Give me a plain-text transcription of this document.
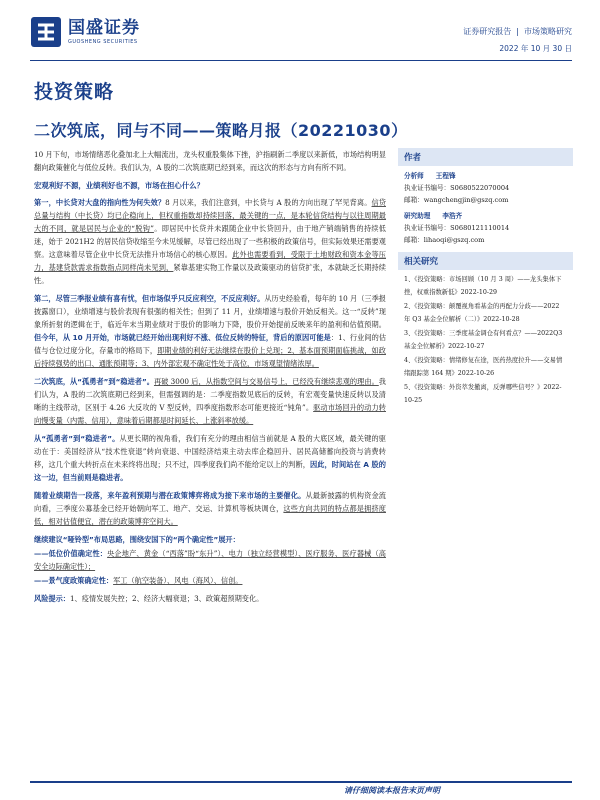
国盛证券
GUOSHENG SECURITIES
证券研究报告 | 市场策略研究
2022 年 10 月 30 日
投资策略
二次筑底，同与不同——策略月报（20221030）

10 月下旬，市场情绪恶化叠加北上大幅流出，龙头权重股集体下挫，沪指刷新二季度以来新低，市场结构明显翻向政策催化与低位反转。我们认为，A 股的二次筑底期已经到来，而这次的形态与方向有所不同。

宏观利好不源，业绩利好也不源，市场在担心什么？

第一，中长贷对大盘的指向性为何失效？8 月以来，我们注意到，中长贷与 A 股的方向出现了罕见背离。信贷总量与结构（中长贷）均已企稳向上，但权重指数却持续回落，最关键的一点，是本轮信贷结构与以往周期最大的不同，就是居民与企业的“脱钩”。即居民中长贷并未跟随企业中长贷回升，由于地产销端销售的持续低迷，始于 2021H2 的居民信贷收缩至今未见缓解，尽管已经出现了一些积极的政策信号，但实际效果还需要观察。这意味着尽管企业中长贷无法推升市场信心的核心原因。此外也需要看到，受限于土地财政和资本金等压力，基建贷款需求指数指点同样尚未见到，紧靠基建实物工作量以及政策驱动的信贷扩张，本就缺乏长期持续性。

第二，尽管三季报业绩有喜有忧，但市场似乎只反应利空，不反应利好。从历史经验看，每年的 10 月（三季报披露窗口），业绩增速与股价表现有很强的相关性；但到了 11 月，业绩增速与股价开始反相关。这一“反转”现象所折射的逻辑在于，临近年末当期业绩对于股价的影响力下降，股价开始提前反映来年的盈利和估值预期。但今年，从 10 月开始，市场就已经开始出现利好不涨、低位反转的特征，背后的原因可能是：1、行业间的估值与仓位过度分化，存量市的格局下，即期业绩的利好无法继续在股价上兑现；2、基本面预期面临挑战，如政后持续强势的出口、通胀预期等；3、内外部宏观不确定性处于高位，市场观望情绪浓厚。

二次筑底，从“孤勇者”到“稳进者”。再破 3000 后，从指数空间与交易信号上，已经没有继续悲观的理由。我们认为，A 股的二次筑底期已经到来，但需强调的是：二季度指数见底后的反转，有宏观变量快速反转以及清晰的主线带动，区别于 4.26 大反攻的 V 型反转，四季度指数形态可能更接近“钝角”。驱动市场回升的动力转向慢变量（内需、信用），意味着后期都是时间延长、上涨斜率放缓。

从“孤勇者”到“稳进者”。从更长期的视角看，我们有充分的理由相信当前就是 A 股的大底区域，最关键的驱动在于：美国经济从“技术性衰退”转向衰退、中国经济结束主动去库企稳回升、居民高储蓄向投资与消费转移，这几个重大转折点在未来终将出现；只不过，四季度我们尚不能给定以上的判断，因此，时间站在 A 股的这一边，但当前则是稳进者。

随着业绩期告一段落，来年盈利预期与潜在政策博弈将成为接下来市场的主要催化。从最新披露的机构资金流向看，三季度公募基金已经开始朝向军工、地产、交运、计算机等板块调仓，这些方向共同的特点都是拥挤度低，相对估值便宜，潜在的政策博弈空间大。

继续建议“哑铃型”布局思路，围绕安国下的“两个确定性”展开：

——低位价值确定性：央企地产、黄金（“西落”盼“东升”）、电力（独立经营模型）、医疗服务、医疗器械（高安全边际确定性）；

——景气度政策确定性：军工（航空装备）、风电（海风）、信创。

风险提示：1、疫情发展失控；2、经济大幅衰退；3、政策超预期变化。

作者
分析师 王程锋
执业证书编号：S0680522070004
邮箱：wangchengjin@gszq.com
研究助理 李浩齐
执业证书编号：S0680121110014
邮箱：lihaoqi@gszq.com
相关研究
1、《投资策略：市场回顾（10 月 3 周）——龙头集体下挫，权重指数新低》2022-10-29
2、《投资策略：颠覆视角看基金的再配力分歧——2022 年 Q3 基金全位解析（二）》2022-10-28
3、《投资策略：三季度基金调仓有何看点？——2022Q3 基金全位解析》2022-10-27
4、《投资策略：情绪修复在途，医药热度拉升——交易情绪跟踪第 164 期》2022-10-26
5、《投资策略：外资萃发撤离，反弹哪些信号？》2022-10-25
请仔细阅读本报告末页声明
